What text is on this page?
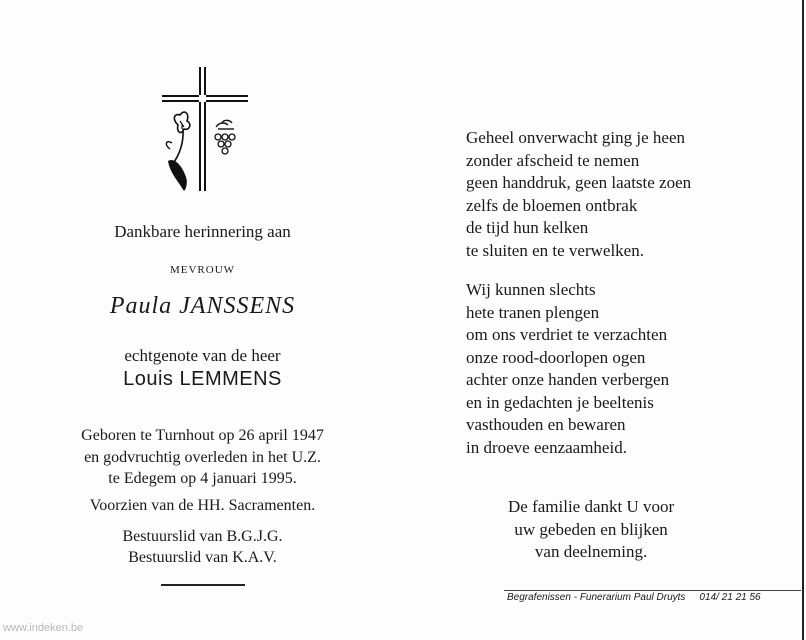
Dankbare herinnering aan
MEVROUW
Paula JANSSENS
echtgenote van de heer
Louis LEMMENS
Geboren te Turnhout op 26 april 1947
en godvruchtig overleden in het U.Z.
te Edegem op 4 januari 1995.
Voorzien van de HH. Sacramenten.
Bestuurslid van B.G.J.G.
Bestuurslid van K.A.V.
Geheel onverwacht ging je heen
zonder afscheid te nemen
geen handdruk, geen laatste zoen
zelfs de bloemen ontbrak
de tijd hun kelken
te sluiten en te verwelken.
Wij kunnen slechts
hete tranen plengen
om ons verdriet te verzachten
onze rood-doorlopen ogen
achter onze handen verbergen
en in gedachten je beeltenis
vasthouden en bewaren
in droeve eenzaamheid.
De familie dankt U voor
uw gebeden en blijken
van deelneming.
Begrafenissen - Funerarium Paul Druyts 014/ 21 21 56
www.indeken.be
